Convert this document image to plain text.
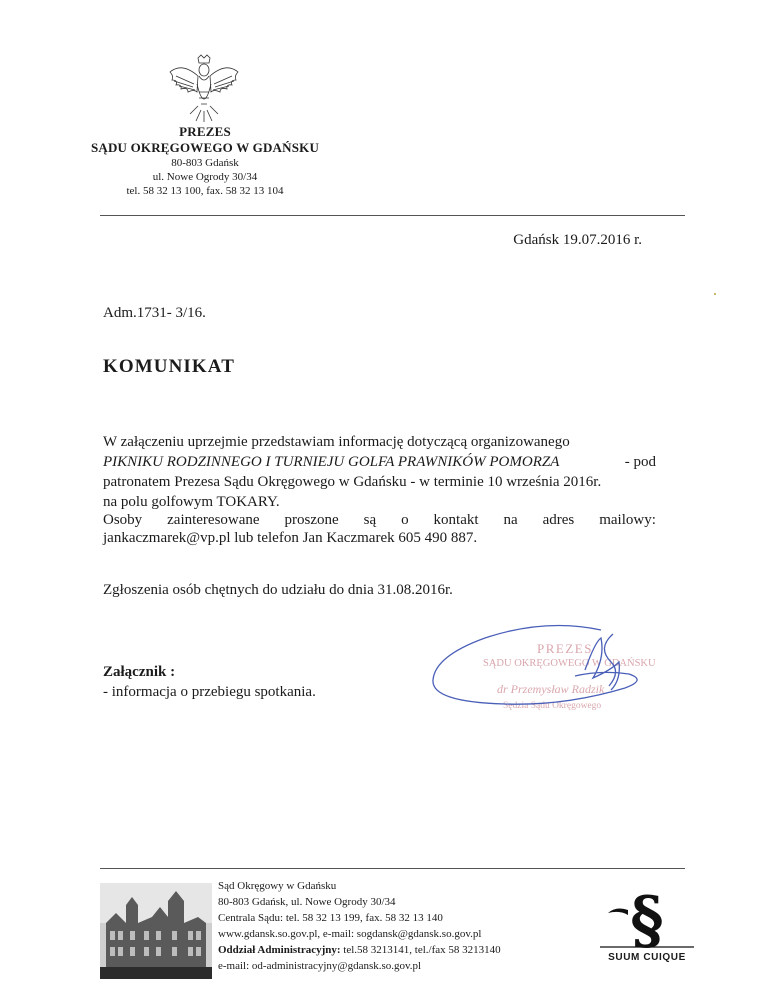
PREZES
SĄDU OKRĘGOWEGO W GDAŃSKU
80-803 Gdańsk
ul. Nowe Ogrody 30/34
tel. 58 32 13 100, fax. 58 32 13 104
Gdańsk 19.07.2016 r.
Adm.1731- 3/16.
KOMUNIKAT
W załączeniu uprzejmie przedstawiam informację dotyczącą organizowanego
PIKNIKU RODZINNEGO I TURNIEJU GOLFA PRAWNIKÓW POMORZA	- pod
patronatem Prezesa Sądu Okręgowego w Gdańsku - w terminie 10 września 2016r.
na polu golfowym TOKARY.
Osoby zainteresowane proszone są o kontakt na adres mailowy:
jankaczmarek@vp.pl lub telefon Jan Kaczmarek 605 490 887.
Zgłoszenia osób chętnych do udziału do dnia 31.08.2016r.
Załącznik :
- informacja o przebiegu spotkania.
PREZES
SĄDU OKRĘGOWEGO W GDAŃSKU
dr Przemysław Radzik
Sędzia Sądu Okręgowego
Sąd Okręgowy w Gdańsku
80-803 Gdańsk, ul. Nowe Ogrody 30/34
Centrala Sądu: tel. 58 32 13 199, fax. 58 32 13 140
www.gdansk.so.gov.pl, e-mail: sogdansk@gdansk.so.gov.pl
Oddział Administracyjny: tel.58 3213141, tel./fax 58 3213140
e-mail: od-administracyjny@gdansk.so.gov.pl
§
SUUM CUIQUE
